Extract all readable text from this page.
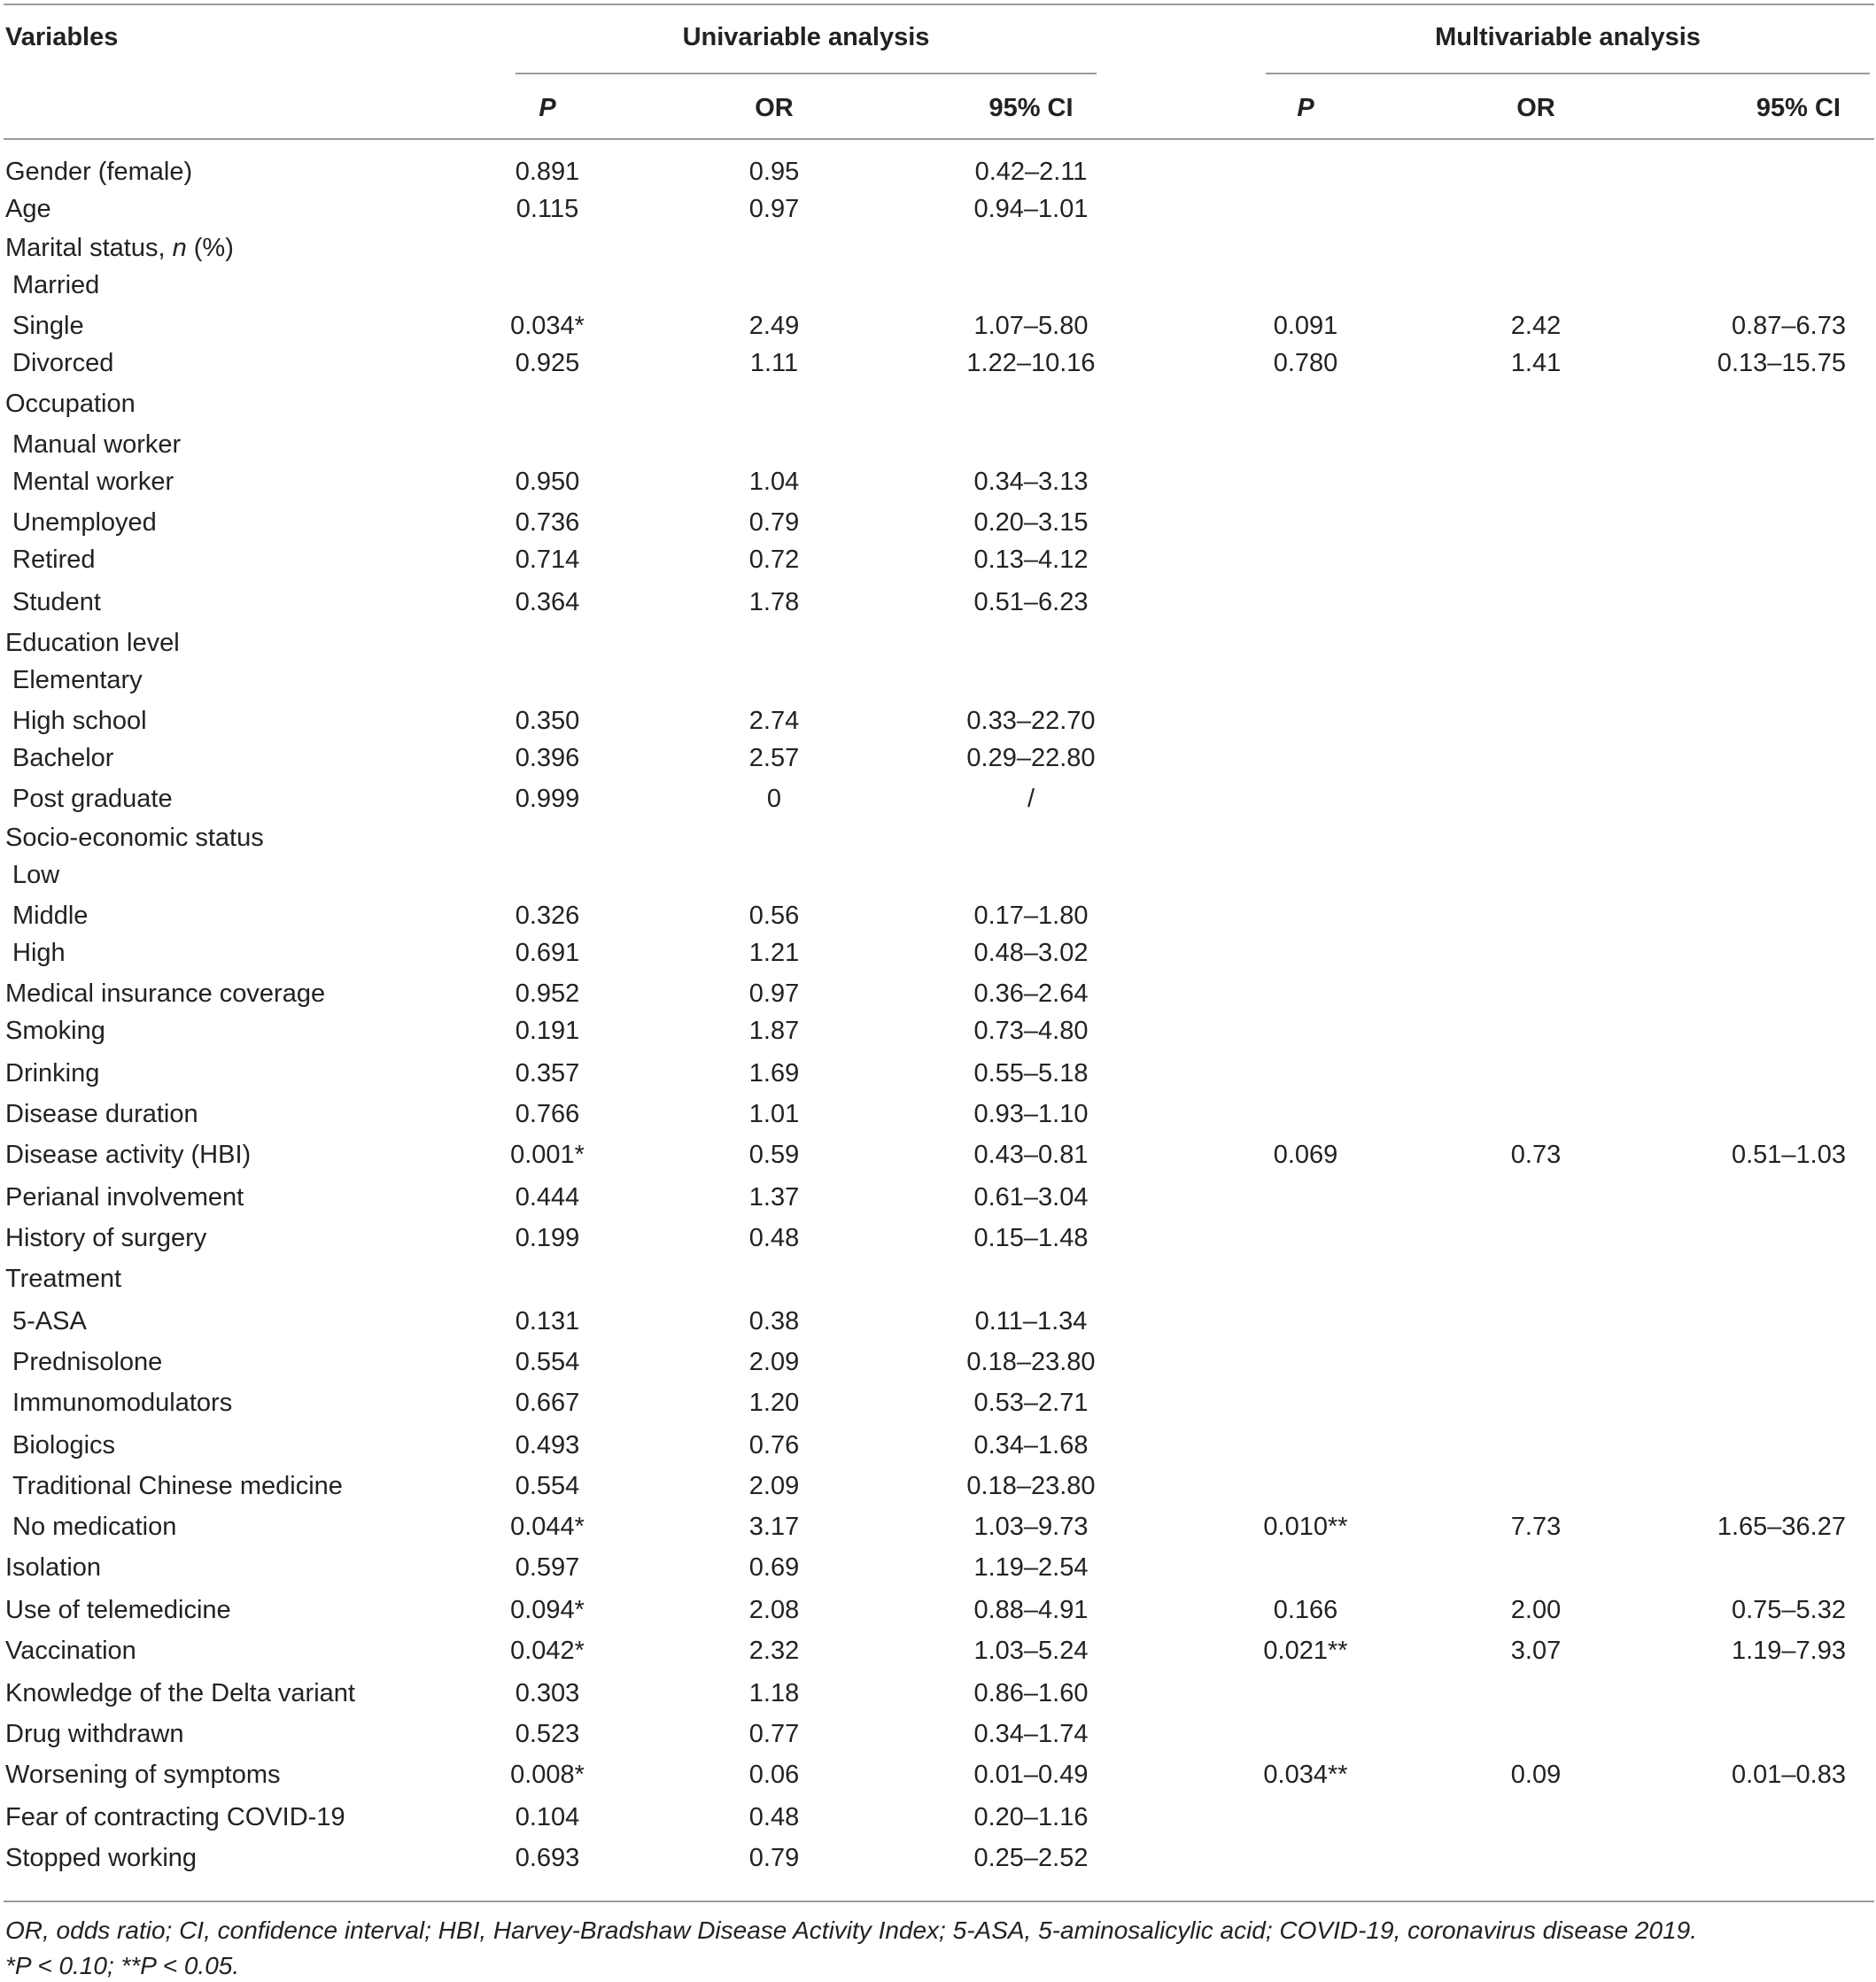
Variables	Univariable analysis	Multivariable analysis
P	OR	95% CI	P	OR	95% CI
Gender (female)	0.891	0.95	0.42–2.11
Age	0.115	0.97	0.94–1.01
Marital status, n (%)
Married
Single	0.034*	2.49	1.07–5.80	0.091	2.42	0.87–6.73
Divorced	0.925	1.11	1.22–10.16	0.780	1.41	0.13–15.75
Occupation
Manual worker
Mental worker	0.950	1.04	0.34–3.13
Unemployed	0.736	0.79	0.20–3.15
Retired	0.714	0.72	0.13–4.12
Student	0.364	1.78	0.51–6.23
Education level
Elementary
High school	0.350	2.74	0.33–22.70
Bachelor	0.396	2.57	0.29–22.80
Post graduate	0.999	0	/
Socio-economic status
Low
Middle	0.326	0.56	0.17–1.80
High	0.691	1.21	0.48–3.02
Medical insurance coverage	0.952	0.97	0.36–2.64
Smoking	0.191	1.87	0.73–4.80
Drinking	0.357	1.69	0.55–5.18
Disease duration	0.766	1.01	0.93–1.10
Disease activity (HBI)	0.001*	0.59	0.43–0.81	0.069	0.73	0.51–1.03
Perianal involvement	0.444	1.37	0.61–3.04
History of surgery	0.199	0.48	0.15–1.48
Treatment
5-ASA	0.131	0.38	0.11–1.34
Prednisolone	0.554	2.09	0.18–23.80
Immunomodulators	0.667	1.20	0.53–2.71
Biologics	0.493	0.76	0.34–1.68
Traditional Chinese medicine	0.554	2.09	0.18–23.80
No medication	0.044*	3.17	1.03–9.73	0.010**	7.73	1.65–36.27
Isolation	0.597	0.69	1.19–2.54
Use of telemedicine	0.094*	2.08	0.88–4.91	0.166	2.00	0.75–5.32
Vaccination	0.042*	2.32	1.03–5.24	0.021**	3.07	1.19–7.93
Knowledge of the Delta variant	0.303	1.18	0.86–1.60
Drug withdrawn	0.523	0.77	0.34–1.74
Worsening of symptoms	0.008*	0.06	0.01–0.49	0.034**	0.09	0.01–0.83
Fear of contracting COVID-19	0.104	0.48	0.20–1.16
Stopped working	0.693	0.79	0.25–2.52
OR, odds ratio; CI, confidence interval; HBI, Harvey-Bradshaw Disease Activity Index; 5-ASA, 5-aminosalicylic acid; COVID-19, coronavirus disease 2019.
*P < 0.10; **P < 0.05.
